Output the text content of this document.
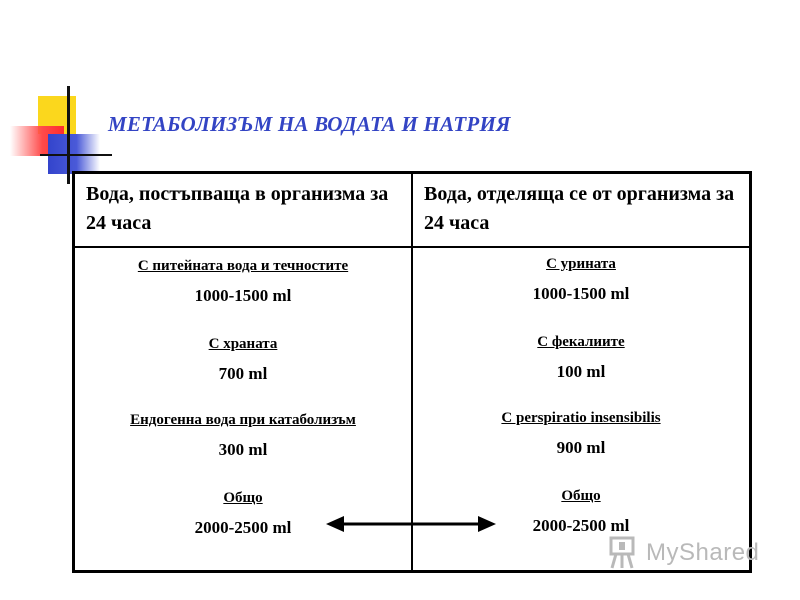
МЕТАБОЛИЗЪМ НА ВОДАТА И НАТРИЯ
Вода, постъпваща в организма за 24 часа
Вода, отделяща се от организма за 24 часа
С питейната вода и течностите
1000-1500 ml
С храната
700 ml
Ендогенна вода при катаболизъм
300 ml
Общо
2000-2500 ml
С урината
1000-1500 ml
С фекалиите
100 ml
С perspiratio insensibilis
900 ml
Общо
2000-2500 ml
MyShared
